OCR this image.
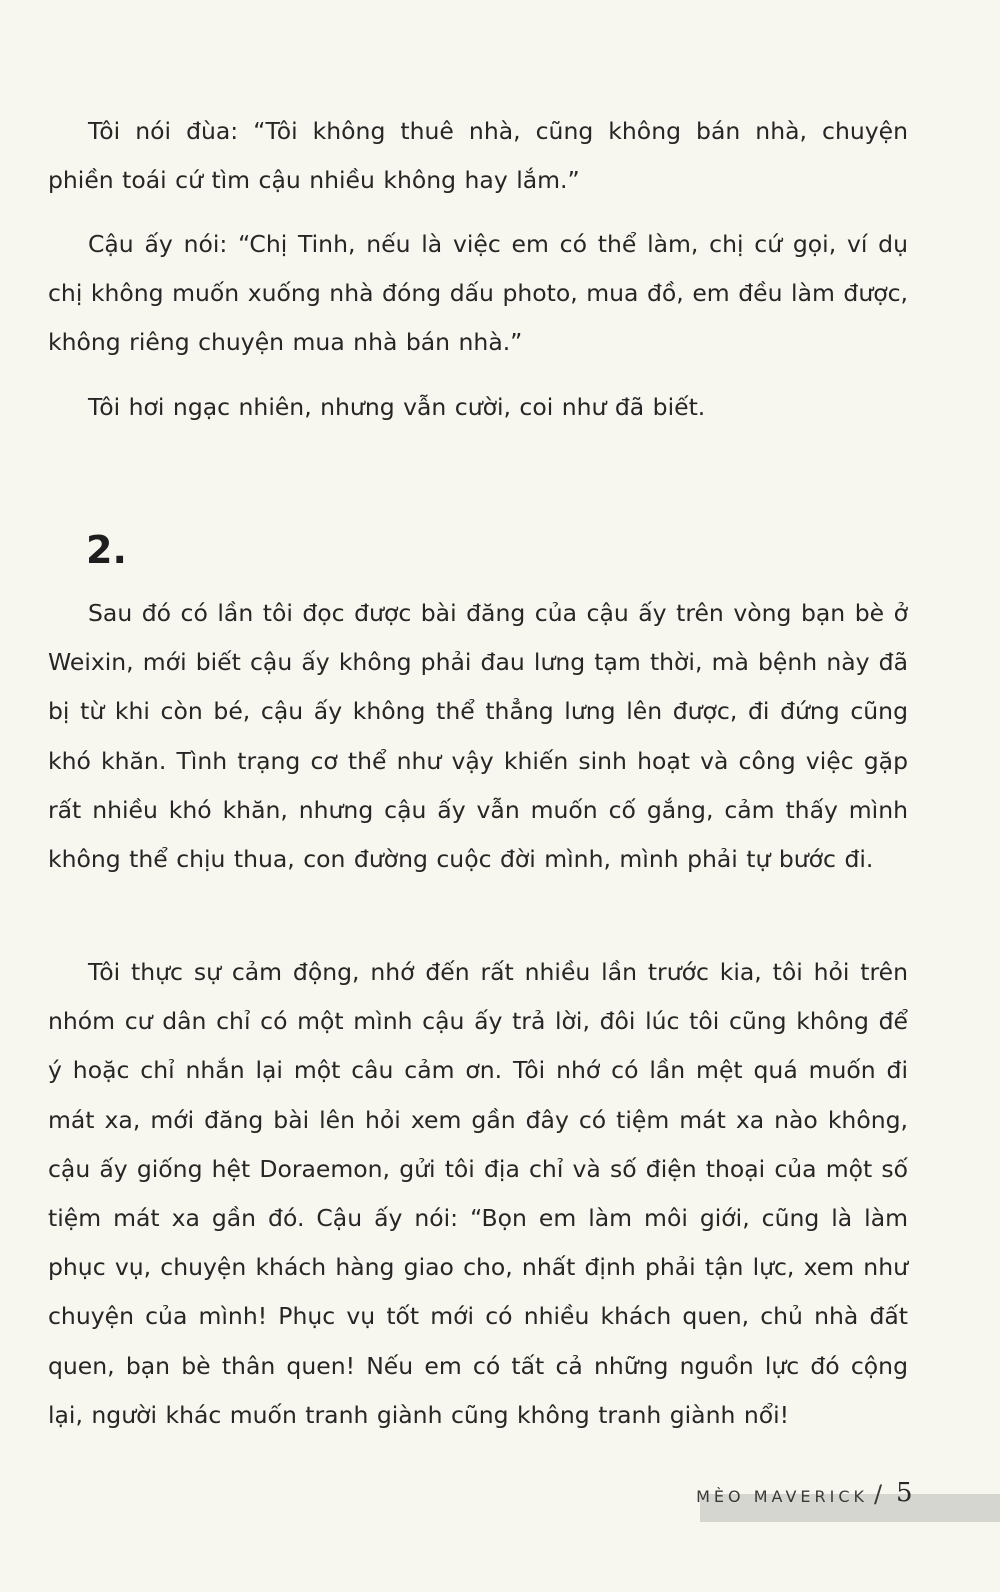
Tôi nói đùa: “Tôi không thuê nhà, cũng không bán nhà, chuyện phiền toái cứ tìm cậu nhiều không hay lắm.”

Cậu ấy nói: “Chị Tinh, nếu là việc em có thể làm, chị cứ gọi, ví dụ chị không muốn xuống nhà đóng dấu photo, mua đồ, em đều làm được, không riêng chuyện mua nhà bán nhà.”

Tôi hơi ngạc nhiên, nhưng vẫn cười, coi như đã biết.

2.

Sau đó có lần tôi đọc được bài đăng của cậu ấy trên vòng bạn bè ở Weixin, mới biết cậu ấy không phải đau lưng tạm thời, mà bệnh này đã bị từ khi còn bé, cậu ấy không thể thẳng lưng lên được, đi đứng cũng khó khăn. Tình trạng cơ thể như vậy khiến sinh hoạt và công việc gặp rất nhiều khó khăn, nhưng cậu ấy vẫn muốn cố gắng, cảm thấy mình không thể chịu thua, con đường cuộc đời mình, mình phải tự bước đi.

Tôi thực sự cảm động, nhớ đến rất nhiều lần trước kia, tôi hỏi trên nhóm cư dân chỉ có một mình cậu ấy trả lời, đôi lúc tôi cũng không để ý hoặc chỉ nhắn lại một câu cảm ơn. Tôi nhớ có lần mệt quá muốn đi mát xa, mới đăng bài lên hỏi xem gần đây có tiệm mát xa nào không, cậu ấy giống hệt Doraemon, gửi tôi địa chỉ và số điện thoại của một số tiệm mát xa gần đó. Cậu ấy nói: “Bọn em làm môi giới, cũng là làm phục vụ, chuyện khách hàng giao cho, nhất định phải tận lực, xem như chuyện của mình! Phục vụ tốt mới có nhiều khách quen, chủ nhà đất quen, bạn bè thân quen! Nếu em có tất cả những nguồn lực đó cộng lại, người khác muốn tranh giành cũng không tranh giành nổi!

MÈO MAVERICK / 5
